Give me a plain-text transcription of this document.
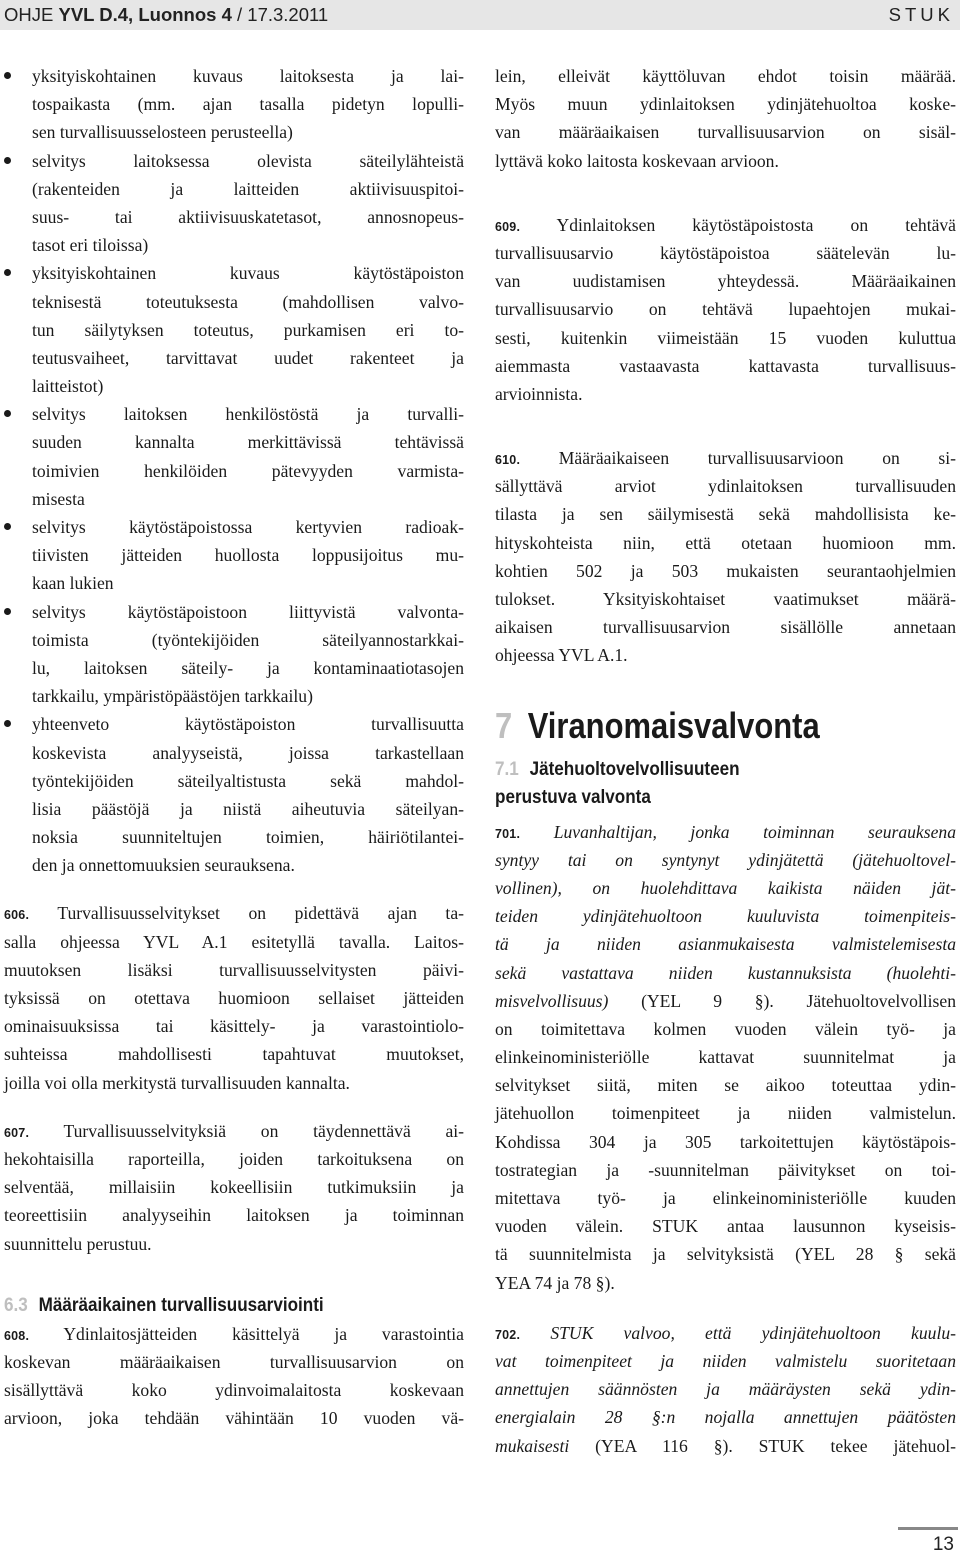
OHJE YVL D.4, Luonnos 4 / 17.3.2011	STUK
yksityiskohtainen kuvaus laitoksesta ja lai-
tospaikasta (mm. ajan tasalla pidetyn lopulli-
sen turvallisuusselosteen perusteella)
selvitys laitoksessa olevista säteilylähteistä
(rakenteiden ja laitteiden aktiivisuuspitoi-
suus- tai aktiivisuuskatetasot, annosnopeus-
tasot eri tiloissa)
yksityiskohtainen kuvaus käytöstäpoiston
teknisestä toteutuksesta (mahdollisen valvo-
tun säilytyksen toteutus, purkamisen eri to-
teutusvaiheet, tarvittavat uudet rakenteet ja
laitteistot)
selvitys laitoksen henkilöstöstä ja turvalli-
suuden kannalta merkittävissä tehtävissä
toimivien henkilöiden pätevyyden varmista-
misesta
selvitys käytöstäpoistossa kertyvien radioak-
tiivisten jätteiden huollosta loppusijoitus mu-
kaan lukien
selvitys käytöstäpoistoon liittyvistä valvonta-
toimista (työntekijöiden säteilyannostarkkai-
lu, laitoksen säteily- ja kontaminaatiotasojen
tarkkailu, ympäristöpäästöjen tarkkailu)
yhteenveto käytöstäpoiston turvallisuutta
koskevista analyyseistä, joissa tarkastellaan
työntekijöiden säteilyaltistusta sekä mahdol-
lisia päästöjä ja niistä aiheutuvia säteilyan-
noksia suunniteltujen toimien, häiriötilantei-
den ja onnettomuuksien seurauksena.
606. Turvallisuusselvitykset on pidettävä ajan ta-
salla ohjeessa YVL A.1 esitetyllä tavalla. Laitos-
muutoksen lisäksi turvallisuusselvitysten päivi-
tyksissä on otettava huomioon sellaiset jätteiden
ominaisuuksissa tai käsittely- ja varastointiolo-
suhteissa mahdollisesti tapahtuvat muutokset,
joilla voi olla merkitystä turvallisuuden kannalta.
607. Turvallisuusselvityksiä on täydennettävä ai-
hekohtaisilla raporteilla, joiden tarkoituksena on
selventää, millaisiin kokeellisiin tutkimuksiin ja
teoreettisiin analyyseihin laitoksen ja toiminnan
suunnittelu perustuu.
6.3 Määräaikainen turvallisuusarviointi
608. Ydinlaitosjätteiden käsittelyä ja varastointia
koskevan määräaikaisen turvallisuusarvion on
sisällyttävä koko ydinvoimalaitosta koskevaan
arvioon, joka tehdään vähintään 10 vuoden vä-
lein, elleivät käyttöluvan ehdot toisin määrää.
Myös muun ydinlaitoksen ydinjätehuoltoa koske-
van määräaikaisen turvallisuusarvion on sisäl-
lyttävä koko laitosta koskevaan arvioon.
609. Ydinlaitoksen käytöstäpoistosta on tehtävä
turvallisuusarvio käytöstäpoistoa säätelevän lu-
van uudistamisen yhteydessä. Määräaikainen
turvallisuusarvio on tehtävä lupaehtojen mukai-
sesti, kuitenkin viimeistään 15 vuoden kuluttua
aiemmasta vastaavasta kattavasta turvallisuus-
arvioinnista.
610. Määräaikaiseen turvallisuusarvioon on si-
sällyttävä arviot ydinlaitoksen turvallisuuden
tilasta ja sen säilymisestä sekä mahdollisista ke-
hityskohteista niin, että otetaan huomioon mm.
kohtien 502 ja 503 mukaisten seurantaohjelmien
tulokset. Yksityiskohtaiset vaatimukset määrä-
aikaisen turvallisuusarvion sisällölle annetaan
ohjeessa YVL A.1.
7 Viranomaisvalvonta
7.1 Jätehuoltovelvollisuuteen
perustuva valvonta
701. Luvanhaltijan, jonka toiminnan seurauksena
syntyy tai on syntynyt ydinjätettä (jätehuoltovel-
vollinen), on huolehdittava kaikista näiden jät-
teiden ydinjätehuoltoon kuuluvista toimenpiteis-
tä ja niiden asianmukaisesta valmistelemisesta
sekä vastattava niiden kustannuksista (huolehti-
misvelvollisuus) (YEL 9 §). Jätehuoltovelvollisen
on toimitettava kolmen vuoden välein työ- ja
elinkeinoministeriölle kattavat suunnitelmat ja
selvitykset siitä, miten se aikoo toteuttaa ydin-
jätehuollon toimenpiteet ja niiden valmistelun.
Kohdissa 304 ja 305 tarkoitettujen käytöstäpois-
tostrategian ja -suunnitelman päivitykset on toi-
mitettava työ- ja elinkeinoministeriölle kuuden
vuoden välein. STUK antaa lausunnon kyseisis-
tä suunnitelmista ja selvityksistä (YEL 28 § sekä
YEA 74 ja 78 §).
702. STUK valvoo, että ydinjätehuoltoon kuulu-
vat toimenpiteet ja niiden valmistelu suoritetaan
annettujen säännösten ja määräysten sekä ydin-
energialain 28 §:n nojalla annettujen päätösten
mukaisesti (YEA 116 §). STUK tekee jätehuol-
13
